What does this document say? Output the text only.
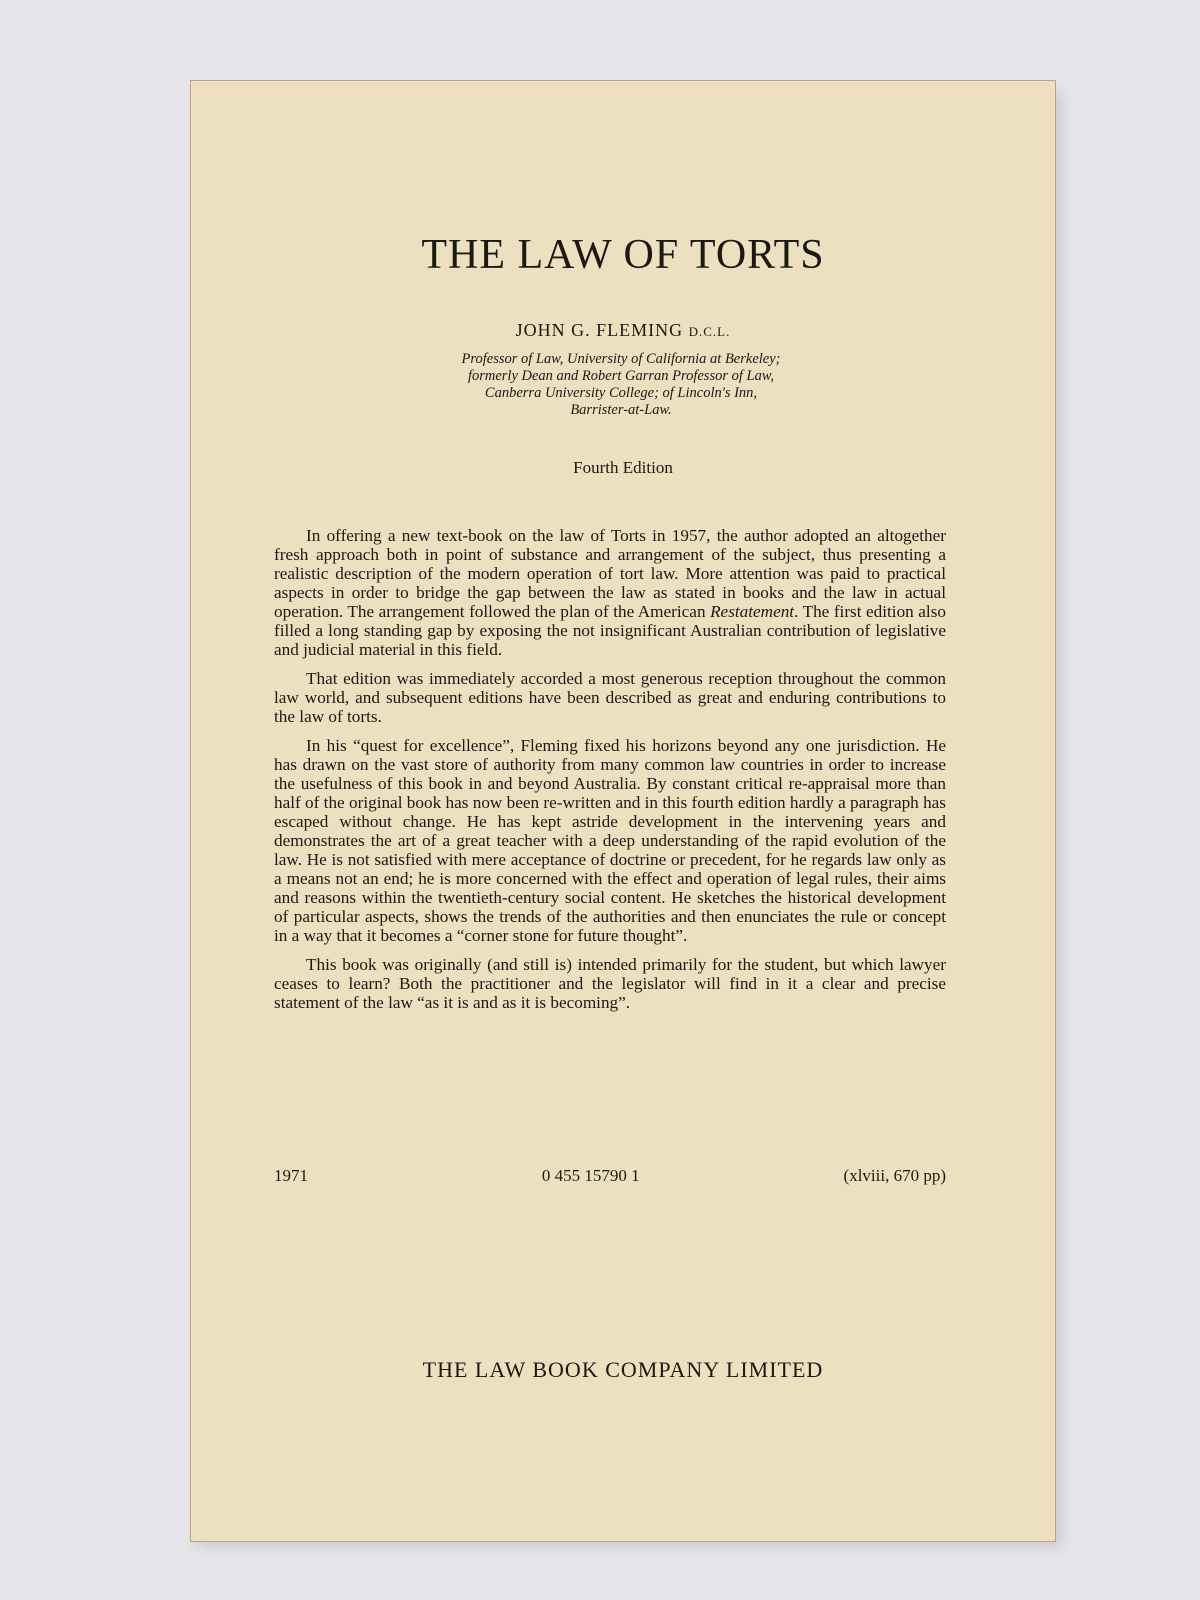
THE LAW OF TORTS
JOHN G. FLEMING D.C.L.
Professor of Law, University of California at Berkeley;
formerly Dean and Robert Garran Professor of Law,
Canberra University College; of Lincoln's Inn,
Barrister-at-Law.
Fourth Edition

In offering a new text-book on the law of Torts in 1957, the author adopted an altogether fresh approach both in point of substance and arrangement of the subject, thus presenting a realistic description of the modern operation of tort law. More attention was paid to practical aspects in order to bridge the gap between the law as stated in books and the law in actual operation. The arrangement followed the plan of the American Restatement. The first edition also filled a long standing gap by exposing the not insignificant Australian contribution of legislative and judicial material in this field.

That edition was immediately accorded a most generous reception throughout the common law world, and subsequent editions have been described as great and enduring contributions to the law of torts.

In his “quest for excellence”, Fleming fixed his horizons beyond any one jurisdiction. He has drawn on the vast store of authority from many common law countries in order to increase the usefulness of this book in and beyond Australia. By constant critical re-appraisal more than half of the original book has now been re-written and in this fourth edition hardly a paragraph has escaped without change. He has kept astride development in the intervening years and demonstrates the art of a great teacher with a deep understanding of the rapid evolution of the law. He is not satisfied with mere acceptance of doctrine or precedent, for he regards law only as a means not an end; he is more concerned with the effect and operation of legal rules, their aims and reasons within the twentieth-century social content. He sketches the historical development of particular aspects, shows the trends of the authorities and then enunciates the rule or concept in a way that it becomes a “corner stone for future thought”.

This book was originally (and still is) intended primarily for the student, but which lawyer ceases to learn? Both the practitioner and the legislator will find in it a clear and precise statement of the law “as it is and as it is becoming”.

1971	0 455 15790 1	(xlviii, 670 pp)
THE LAW BOOK COMPANY LIMITED
